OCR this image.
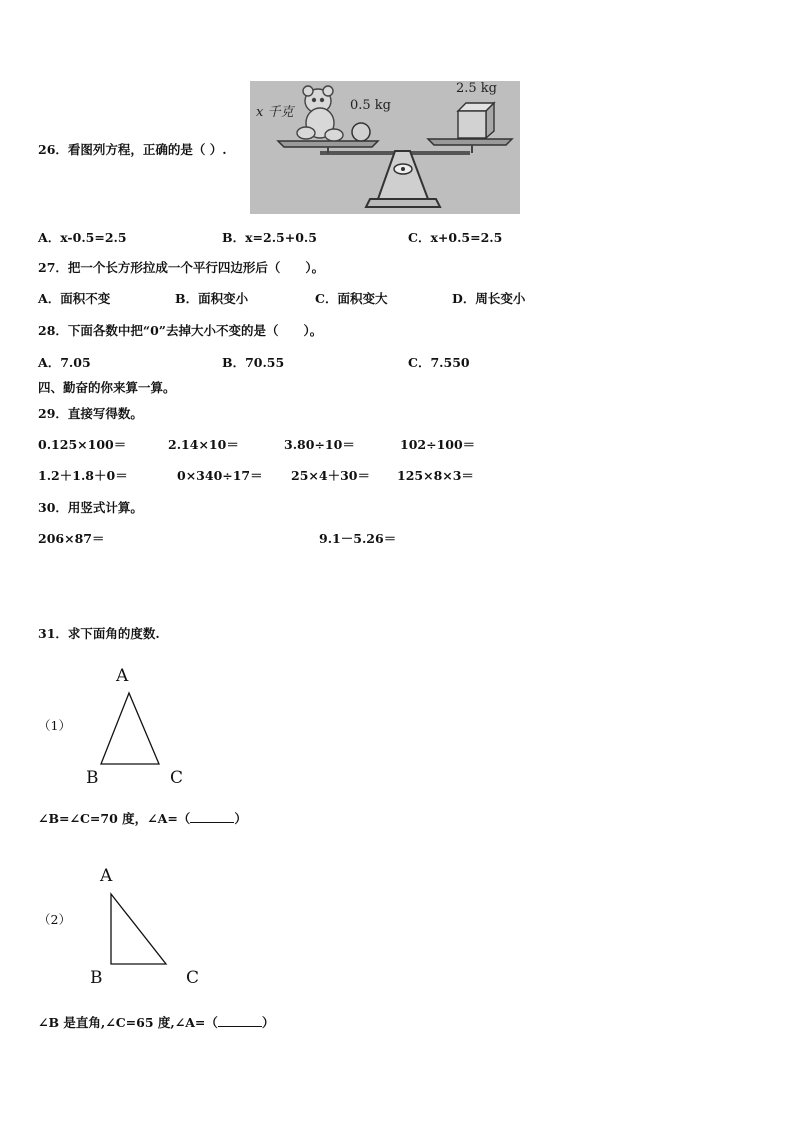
26．看图列方程，正确的是（ ）.
x 千克	0.5 kg
2.5 kg
A．x-0.5=2.5	B．x=2.5+0.5	C．x+0.5=2.5
27．把一个长方形拉成一个平行四边形后（　　）。
A．面积不变	B．面积变小	C．面积变大	D．周长变小
28．下面各数中把“0”去掉大小不变的是（　　）。
A．7.05	B．70.55	C．7.550
四、勤奋的你来算一算。
29．直接写得数。
0.125×100＝	2.14×10＝	3.80÷10＝	102÷100＝
1.2＋1.8＋0＝	0×340÷17＝ 25×4＋30＝ 125×8×3＝
30．用竖式计算。
206×87＝	9.1－5.26＝
31．求下面角的度数.
（1）
A
B	C
∠B=∠C=70 度，∠A=（	）
（2）
A
B	C
∠B 是直角,∠C=65 度,∠A=（	）
